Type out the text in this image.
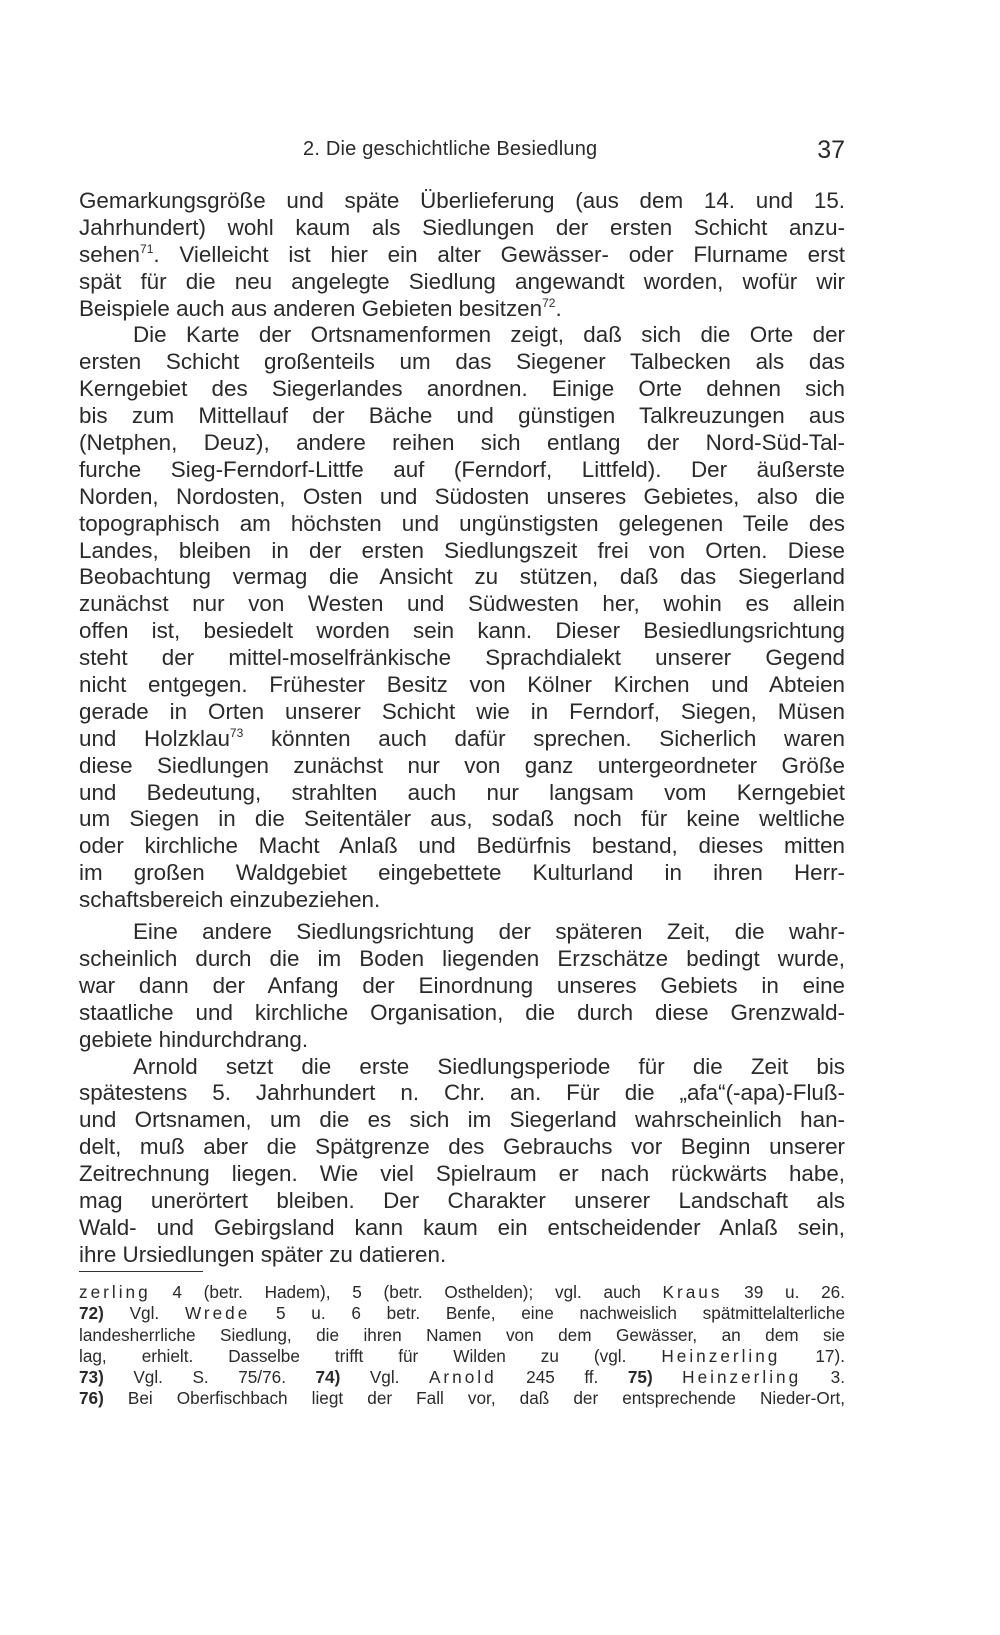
2. Die geschichtliche Besiedlung	37
Gemarkungsgröße und späte Überlieferung (aus dem 14. und 15.
Jahrhundert) wohl kaum als Siedlungen der ersten Schicht anzu-
sehen$^{71}$. Vielleicht ist hier ein alter Gewässer- oder Flurname erst
spät für die neu angelegte Siedlung angewandt worden, wofür wir
Beispiele auch aus anderen Gebieten besitzen$^{72}$.
Die Karte der Ortsnamenformen zeigt, daß sich die Orte der
ersten Schicht großenteils um das Siegener Talbecken als das
Kerngebiet des Siegerlandes anordnen. Einige Orte dehnen sich
bis zum Mittellauf der Bäche und günstigen Talkreuzungen aus
(Netphen, Deuz), andere reihen sich entlang der Nord-Süd-Tal-
furche Sieg-Ferndorf-Littfe auf (Ferndorf, Littfeld). Der äußerste
Norden, Nordosten, Osten und Südosten unseres Gebietes, also die
topographisch am höchsten und ungünstigsten gelegenen Teile des
Landes, bleiben in der ersten Siedlungszeit frei von Orten. Diese
Beobachtung vermag die Ansicht zu stützen, daß das Siegerland
zunächst nur von Westen und Südwesten her, wohin es allein
offen ist, besiedelt worden sein kann. Dieser Besiedlungsrichtung
steht der mittel-moselfränkische Sprachdialekt unserer Gegend
nicht entgegen. Frühester Besitz von Kölner Kirchen und Abteien
gerade in Orten unserer Schicht wie in Ferndorf, Siegen, Müsen
und Holzklau$^{73}$ könnten auch dafür sprechen. Sicherlich waren
diese Siedlungen zunächst nur von ganz untergeordneter Größe
und Bedeutung, strahlten auch nur langsam vom Kerngebiet
um Siegen in die Seitentäler aus, sodaß noch für keine weltliche
oder kirchliche Macht Anlaß und Bedürfnis bestand, dieses mitten
im großen Waldgebiet eingebettete Kulturland in ihren Herr-
schaftsbereich einzubeziehen.
Eine andere Siedlungsrichtung der späteren Zeit, die wahr-
scheinlich durch die im Boden liegenden Erzschätze bedingt wurde,
war dann der Anfang der Einordnung unseres Gebiets in eine
staatliche und kirchliche Organisation, die durch diese Grenzwald-
gebiete hindurchdrang.
Arnold setzt die erste Siedlungsperiode für die Zeit bis
spätestens 5. Jahrhundert n. Chr. an. Für die „afa“(-apa)-Fluß-
und Ortsnamen, um die es sich im Siegerland wahrscheinlich han-
delt, muß aber die Spätgrenze des Gebrauchs vor Beginn unserer
Zeitrechnung liegen. Wie viel Spielraum er nach rückwärts habe,
mag unerörtert bleiben. Der Charakter unserer Landschaft als
Wald- und Gebirgsland kann kaum ein entscheidender Anlaß sein,
ihre Ursiedlungen später zu datieren.
zerling 4 (betr. Hadem), 5 (betr. Osthelden); vgl. auch Kraus 39 u. 26.
72) Vgl. Wrede 5 u. 6 betr. Benfe, eine nachweislich spätmittelalterliche
landesherrliche Siedlung, die ihren Namen von dem Gewässer, an dem sie
lag, erhielt. Dasselbe trifft für Wilden zu (vgl. Heinzerling 17).
73) Vgl. S. 75/76. 74) Vgl. Arnold 245 ff. 75) Heinzerling 3.
76) Bei Oberfischbach liegt der Fall vor, daß der entsprechende Nieder-Ort,
